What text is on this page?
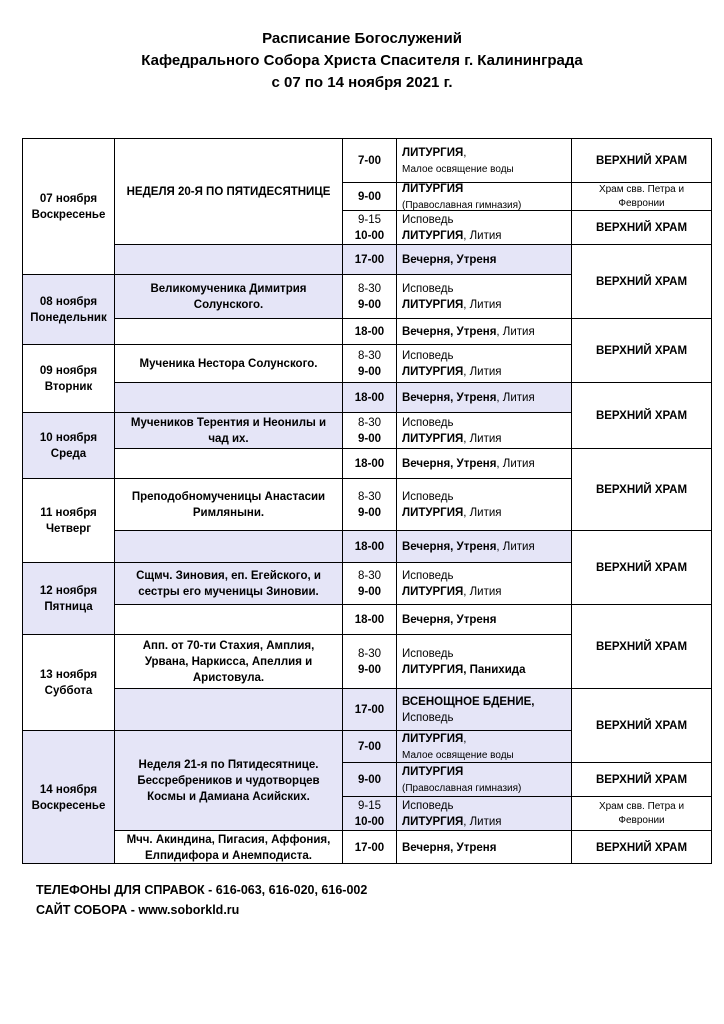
Расписание Богослужений
Кафедрального Собора Христа Спасителя г. Калининграда
с 07 по 14 ноября 2021 г.
07 ноября
Воскресенье
08 ноября
Понедельник
09 ноября
Вторник
10 ноября
Среда
11 ноября
Четверг
12 ноября
Пятница
13 ноября
Суббота
14 ноября
Воскресенье
НЕДЕЛЯ 20-Я ПО ПЯТИДЕСЯТНИЦЕ
Великомученика Димитрия
Солунского.
Мученика Нестора Солунского.
Мучеников Терентия и Неонилы и
чад их.
Преподобномученицы Анастасии
Римляныни.
Сщмч. Зиновия, еп. Егейского, и
сестры его мученицы Зиновии.
Апп. от 70-ти Стахия, Амплия,
Урвана, Наркисса, Апеллия и
Аристовула.
Неделя 21-я по Пятидесятнице.
Бессребреников и чудотворцев
Космы и Дамиана Асийских.
Мчч. Акиндина, Пигасия, Аффония,
Елпидифора и Анемподиста.
7-00
ЛИТУРГИЯ,
Малое освящение воды
9-00
ЛИТУРГИЯ
(Православная гимназия)
9-15
10-00
Исповедь
ЛИТУРГИЯ, Лития
17-00 Вечерня, Утреня
8-30
9-00
Исповедь
ЛИТУРГИЯ, Лития
18-00 Вечерня, Утреня, Лития
8-30
9-00
Исповедь
ЛИТУРГИЯ, Лития
18-00 Вечерня, Утреня, Лития
8-30
9-00
Исповедь
ЛИТУРГИЯ, Лития
18-00 Вечерня, Утреня, Лития
8-30
9-00
Исповедь
ЛИТУРГИЯ, Лития
18-00 Вечерня, Утреня, Лития
8-30
9-00
Исповедь
ЛИТУРГИЯ, Лития
18-00 Вечерня, Утреня
8-30
9-00
Исповедь
ЛИТУРГИЯ, Панихида
17-00
ВСЕНОЩНОЕ БДЕНИЕ,
Исповедь
7-00
ЛИТУРГИЯ,
Малое освящение воды
9-00
ЛИТУРГИЯ
(Православная гимназия)
9-15
10-00
Исповедь
ЛИТУРГИЯ, Лития
17-00 Вечерня, Утреня
ВЕРХНИЙ ХРАМ
Храм свв. Петра и
Февронии
ВЕРХНИЙ ХРАМ
ВЕРХНИЙ ХРАМ
ВЕРХНИЙ ХРАМ
ВЕРХНИЙ ХРАМ
ВЕРХНИЙ ХРАМ
ВЕРХНИЙ ХРАМ
ВЕРХНИЙ ХРАМ
ВЕРХНИЙ ХРАМ
ВЕРХНИЙ ХРАМ
Храм свв. Петра и
Февронии
ВЕРХНИЙ ХРАМ
ТЕЛЕФОНЫ ДЛЯ СПРАВОК - 616-063, 616-020, 616-002
САЙТ СОБОРА - www.soborkld.ru
